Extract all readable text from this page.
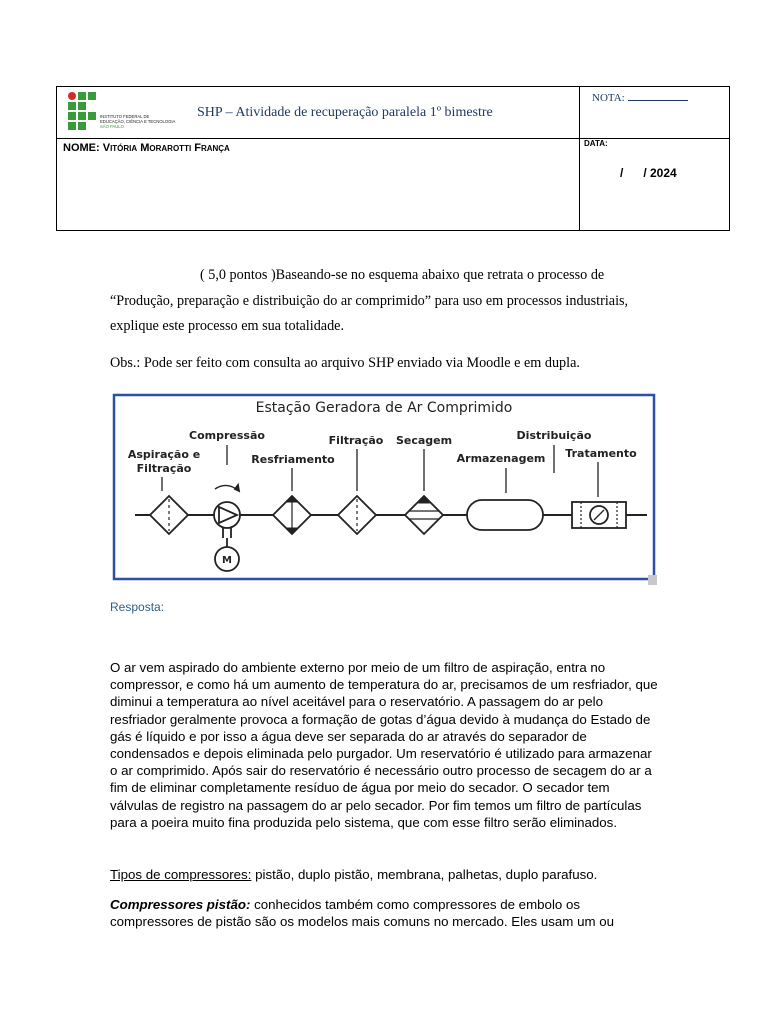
INSTITUTO FEDERAL DE
EDUCAÇÃO, CIÊNCIA E TECNOLOGIA
SÃO PAULO
SHP – Atividade de recuperação paralela 1º bimestre
NOTA:
NOME: Vitória Morarotti França	DATA:
/      / 2024
( 5,0 pontos )Baseando-se no esquema abaixo que retrata o processo de
“Produção, preparação e distribuição do ar comprimido” para uso em processos industriais, explique este processo em sua totalidade.
Obs.: Pode ser feito com consulta ao arquivo SHP enviado via Moodle e em dupla.
Estação Geradora de Ar Comprimido
Aspiração e
Filtração
Compressão
Resfriamento
Filtração Secagem
Armazenagem
Distribuição
Tratamento
M
Resposta:
O ar vem aspirado do ambiente externo por meio de um filtro de aspiração, entra no compressor, e como há um aumento de temperatura do ar, precisamos de um resfriador, que diminui a temperatura ao nível aceitável para o reservatório. A passagem do ar pelo resfriador geralmente provoca a formação de gotas d’água devido à mudança do Estado de gás é líquido e por isso a água deve ser separada do ar através do separador de condensados e depois eliminada pelo purgador. Um reservatório é utilizado para armazenar o ar comprimido. Após sair do reservatório é necessário outro processo de secagem do ar a fim de eliminar completamente resíduo de água por meio do secador. O secador tem válvulas de registro na passagem do ar pelo secador. Por fim temos um filtro de partículas para a poeira muito fina produzida pelo sistema, que com esse filtro serão eliminados.
Tipos de compressores: pistão, duplo pistão, membrana, palhetas, duplo parafuso.
Compressores pistão: conhecidos também como compressores de embolo os compressores de pistão são os modelos mais comuns no mercado. Eles usam um ou
